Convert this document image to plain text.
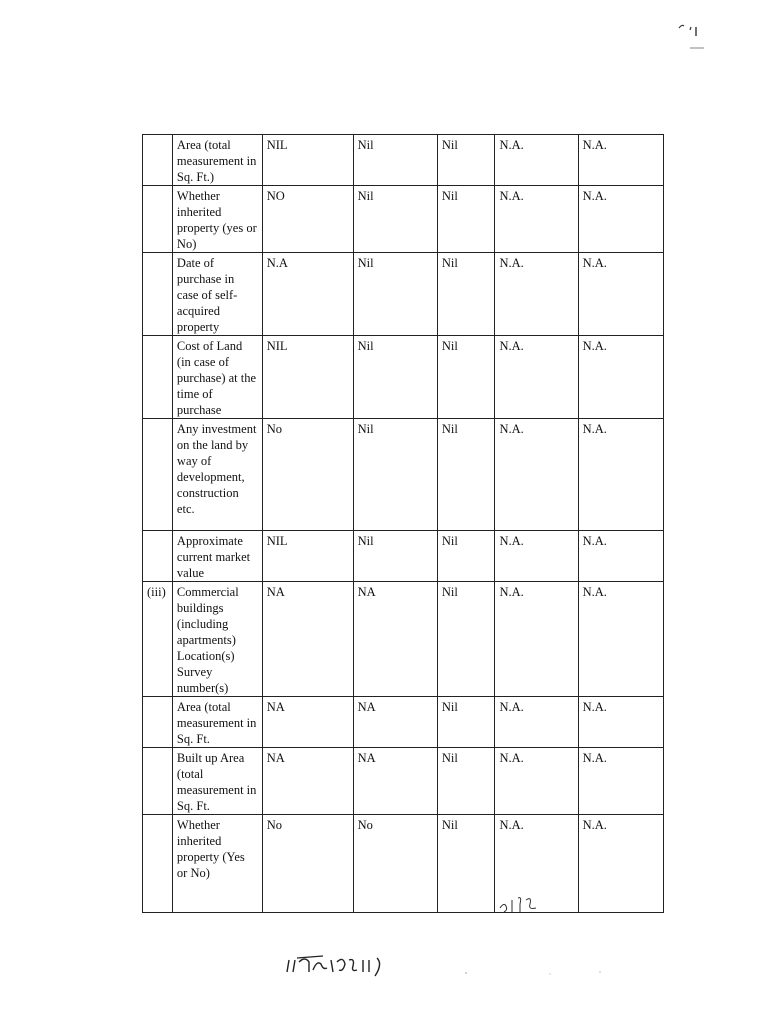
	Area (total measurement in Sq. Ft.)	NIL	Nil	Nil	N.A.	N.A.
	Whether inherited property (yes or No)	NO	Nil	Nil	N.A.	N.A.
	Date of purchase in case of self-acquired property	N.A	Nil	Nil	N.A.	N.A.
	Cost of Land (in case of purchase) at the time of purchase	NIL	Nil	Nil	N.A.	N.A.
	Any investment on the land by way of development, construction etc.	No	Nil	Nil	N.A.	N.A.
	Approximate current market value	NIL	Nil	Nil	N.A.	N.A.
(iii)	Commercial buildings (including apartments) Location(s) Survey number(s)	NA	NA	Nil	N.A.	N.A.
	Area (total measurement in Sq. Ft.	NA	NA	Nil	N.A.	N.A.
	Built up Area (total measurement in Sq. Ft.	NA	NA	Nil	N.A.	N.A.
	Whether inherited property (Yes or No)	No	No	Nil	N.A.	N.A.
